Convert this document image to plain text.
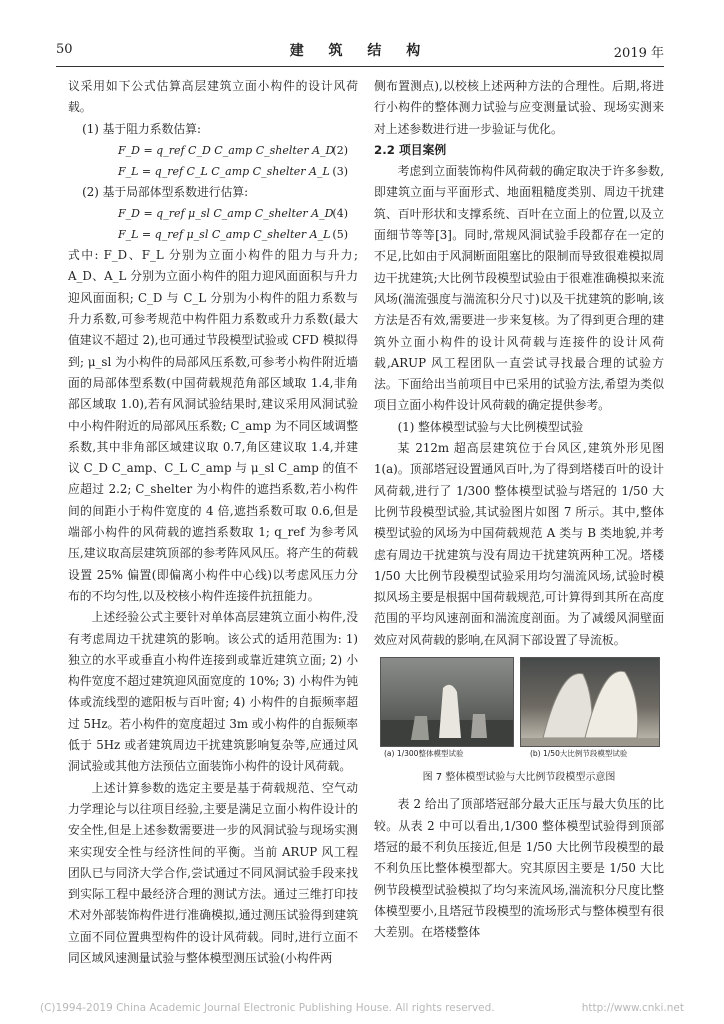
50	建 筑 结 构	2019 年

议采用如下公式估算高层建筑立面小构件的设计风荷载。

(1) 基于阻力系数估算:

F_D = q_ref C_D C_amp C_shelter A_D
(2)
F_L = q_ref C_L C_amp C_shelter A_L (3)

(2) 基于局部体型系数进行估算:

F_D = q_ref μ_sl C_amp C_shelter A_D
(4)
F_L = q_ref μ_sl C_amp C_shelter A_L (5)

式中: F_D、F_L 分别为立面小构件的阻力与升力; A_D、A_L 分别为立面小构件的阻力迎风面面积与升力迎风面面积; C_D 与 C_L 分别为小构件的阻力系数与升力系数,可参考规范中构件阻力系数或升力系数(最大值建议不超过 2),也可通过节段模型试验或 CFD 模拟得到; μ_sl 为小构件的局部风压系数,可参考小构件附近墙面的局部体型系数(中国荷载规范角部区域取 1.4,非角部区域取 1.0),若有风洞试验结果时,建议采用风洞试验中小构件附近的局部风压系数; C_amp 为不同区域调整系数,其中非角部区域建议取 0.7,角区建议取 1.4,并建议 C_D C_amp、C_L C_amp 与 μ_sl C_amp 的值不应超过 2.2; C_shelter 为小构件的遮挡系数,若小构件间的间距小于构件宽度的 4 倍,遮挡系数可取 0.6,但是端部小构件的风荷载的遮挡系数取 1; q_ref 为参考风压,建议取高层建筑顶部的参考阵风风压。将产生的荷载设置 25% 偏置(即偏离小构件中心线)以考虑风压力分布的不均匀性,以及校核小构件连接件抗扭能力。

上述经验公式主要针对单体高层建筑立面小构件,没有考虑周边干扰建筑的影响。该公式的适用范围为: 1) 独立的水平或垂直小构件连接到或靠近建筑立面; 2) 小构件宽度不超过建筑迎风面宽度的 10%; 3) 小构件为钝体或流线型的遮阳板与百叶窗; 4) 小构件的自振频率超过 5Hz。若小构件的宽度超过 3m 或小构件的自振频率低于 5Hz 或者建筑周边干扰建筑影响复杂等,应通过风洞试验或其他方法预估立面装饰小构件的设计风荷载。

上述计算参数的选定主要是基于荷载规范、空气动力学理论与以往项目经验,主要是满足立面小构件设计的安全性,但是上述参数需要进一步的风洞试验与现场实测来实现安全性与经济性间的平衡。当前 ARUP 风工程团队已与同济大学合作,尝试通过不同风洞试验手段来找到实际工程中最经济合理的测试方法。通过三维打印技术对外部装饰构件进行准确模拟,通过测压试验得到建筑立面不同位置典型构件的设计风荷载。同时,进行立面不同区域风速测量试验与整体模型测压试验(小构件两

侧布置测点),以校核上述两种方法的合理性。后期,将进行小构件的整体测力试验与应变测量试验、现场实测来对上述参数进行进一步验证与优化。

2.2 项目案例

考虑到立面装饰构件风荷载的确定取决于许多参数,即建筑立面与平面形式、地面粗糙度类别、周边干扰建筑、百叶形状和支撑系统、百叶在立面上的位置,以及立面细节等等[3]。同时,常规风洞试验手段都存在一定的不足,比如由于风洞断面阻塞比的限制而导致很难模拟周边干扰建筑;大比例节段模型试验由于很难准确模拟来流风场(湍流强度与湍流积分尺寸)以及干扰建筑的影响,该方法是否有效,需要进一步来复核。为了得到更合理的建筑外立面小构件的设计风荷载与连接件的设计风荷载,ARUP 风工程团队一直尝试寻找最合理的试验方法。下面给出当前项目中已采用的试验方法,希望为类似项目立面小构件设计风荷载的确定提供参考。

(1) 整体模型试验与大比例模型试验

某 212m 超高层建筑位于台风区,建筑外形见图 1(a)。顶部塔冠设置通风百叶,为了得到塔楼百叶的设计风荷载,进行了 1/300 整体模型试验与塔冠的 1/50 大比例节段模型试验,其试验图片如图 7 所示。其中,整体模型试验的风场为中国荷载规范 A 类与 B 类地貌,并考虑有周边干扰建筑与没有周边干扰建筑两种工况。塔楼 1/50 大比例节段模型试验采用均匀湍流风场,试验时模拟风场主要是根据中国荷载规范,可计算得到其所在高度范围的平均风速剖面和湍流度剖面。为了减缓风洞壁面效应对风荷载的影响,在风洞下部设置了导流板。

(a) 1/300整体模型试验	(b) 1/50大比例节段模型试验

图 7 整体模型试验与大比例节段模型示意图

表 2 给出了顶部塔冠部分最大正压与最大负压的比较。从表 2 中可以看出,1/300 整体模型试验得到顶部塔冠的最不利负压接近,但是 1/50 大比例节段模型的最不利负压比整体模型都大。究其原因主要是 1/50 大比例节段模型试验模拟了均匀来流风场,湍流积分尺度比整体模型要小,且塔冠节段模型的流场形式与整体模型有很大差别。在塔楼整体

(C)1994-2019 China Academic Journal Electronic Publishing House. All rights reserved.	http://www.cnki.net
